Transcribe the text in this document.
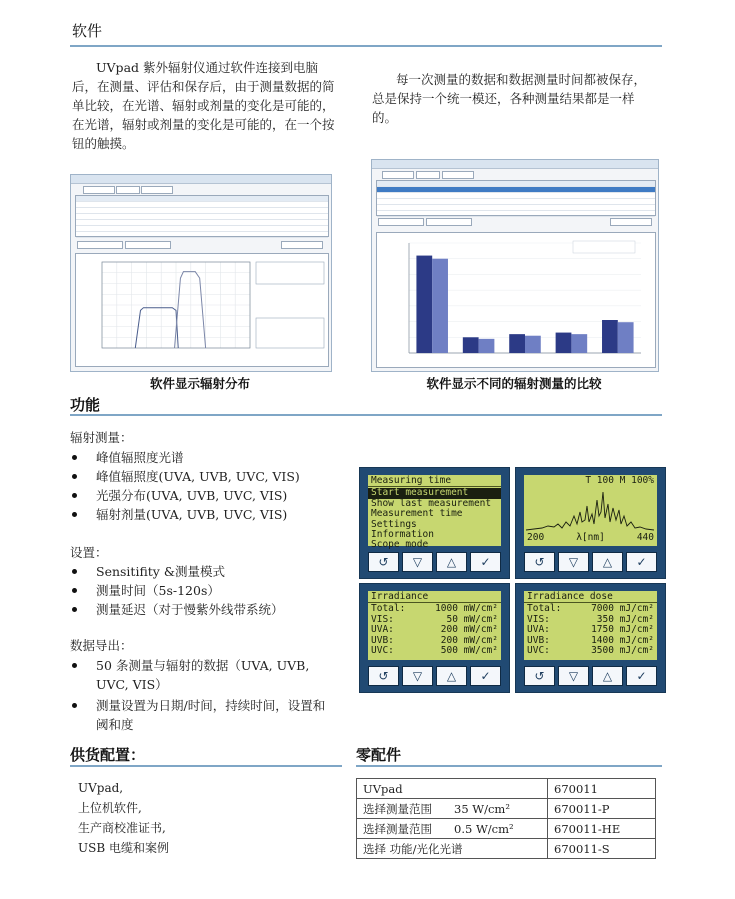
软件
UVpad 紫外辐射仪通过软件连接到电脑后，在测量、评估和保存后，由于测量数据的简单比较，在光谱、辐射或剂量的变化是可能的，在光谱，辐射或剂量的变化是可能的，在一个按钮的触摸。
每一次测量的数据和数据测量时间都被保存，总是保持一个统一模还，各种测量结果都是一样的。
软件显示辐射分布	软件显示不同的辐射测量的比较
功能
辐射测量：
峰值辐照度光谱
峰值辐照度(UVA, UVB, UVC, VIS)
光强分布(UVA, UVB, UVC, VIS)
辐射剂量(UVA, UVB, UVC, VIS)
设置：
Sensitifity &测量模式
测量时间（5s-120s）
测量延迟（对于慢紫外线带系统）
数据导出：
50 条测量与辐射的数据（UVA, UVB, UVC, VIS）
测量设置为日期/时间，持续时间，设置和阈和度
Measuring time
Start measurement
Show last measurement
Measurement time
Settings
Information
Scope mode
↺	▽	△	✓
T 100 M 100%
200	λ[nm]	440
↺	▽	△	✓
Irradiance
Total:	1000 mW/cm²
VIS:	50 mW/cm²
UVA:	200 mW/cm²
UVB:	200 mW/cm²
UVC:	500 mW/cm²
↺	▽	△	✓
Irradiance dose
Total:	7000 mJ/cm²
VIS:	350 mJ/cm²
UVA:	1750 mJ/cm²
UVB:	1400 mJ/cm²
UVC:	3500 mJ/cm²
↺	▽	△	✓
供货配置：
UVpad,
上位机软件,
生产商校准证书,
USB 电缆和案例
零配件
UVpad	670011
选择测量范围 35 W/cm²	670011-P
选择测量范围 0.5 W/cm²	670011-HE
选择 功能/光化光谱	670011-S
